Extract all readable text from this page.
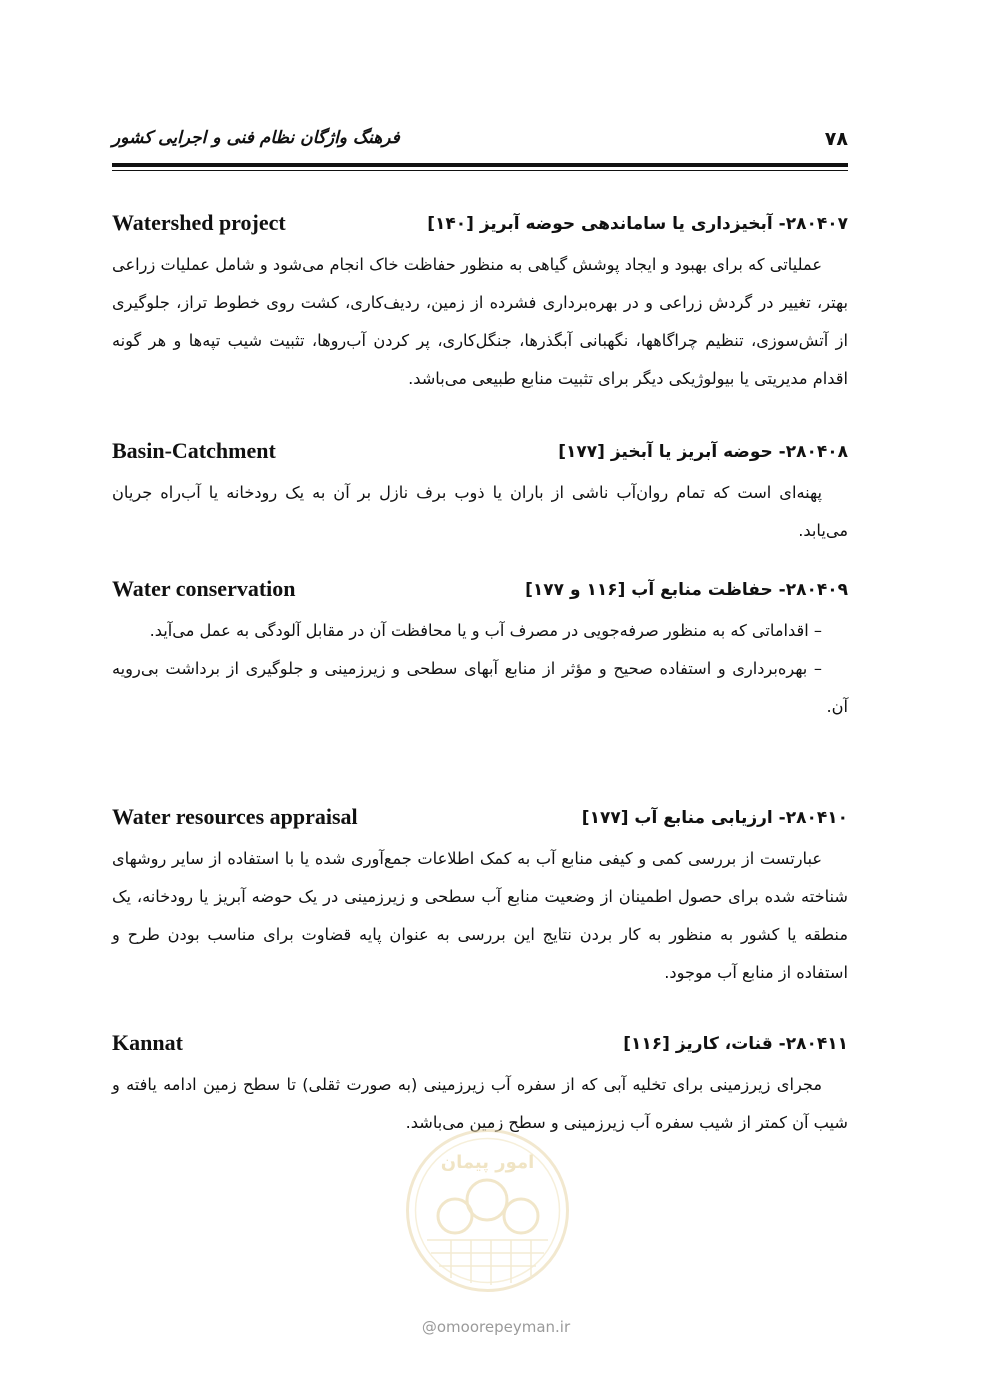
۷۸
فرهنگ واژگان نظام فنی و اجرایی کشور
۲۸۰۴۰۷- آبخیزداری یا ساماندهی حوضه آبریز [۱۴۰]
Watershed project

عملیاتی که برای بهبود و ایجاد پوشش گیاهی به منظور حفاظت خاک انجام می‌شود و شامل عملیات زراعی بهتر، تغییر در گردش زراعی و در بهره‌برداری فشرده از زمین، ردیف‌کاری، کشت روی خطوط تراز، جلوگیری از آتش‌سوزی، تنظیم چراگاهها، نگهبانی آبگذرها، جنگل‌کاری، پر کردن آب‌روها، تثبیت شیب تپه‌ها و هر گونه اقدام مدیریتی یا بیولوژیکی دیگر برای تثبیت منابع طبیعی می‌باشد.

۲۸۰۴۰۸- حوضه آبریز یا آبخیز [۱۷۷]
Basin-Catchment

پهنه‌ای است که تمام روان‌آب ناشی از باران یا ذوب برف نازل بر آن به یک رودخانه یا آب‌راه جریان می‌یابد.

۲۸۰۴۰۹- حفاظت منابع آب [۱۱۶ و ۱۷۷]
Water conservation

– اقداماتی که به منظور صرفه‌جویی در مصرف آب و یا محافظت آن در مقابل آلودگی به عمل می‌آید.

– بهره‌برداری و استفاده صحیح و مؤثر از منابع آبهای سطحی و زیرزمینی و جلوگیری از برداشت بی‌رویه آن.

۲۸۰۴۱۰- ارزیابی منابع آب [۱۷۷]
Water resources appraisal

عبارتست از بررسی کمی و کیفی منابع آب به کمک اطلاعات جمع‌آوری شده یا با استفاده از سایر روشهای شناخته شده برای حصول اطمینان از وضعیت منابع آب سطحی و زیرزمینی در یک حوضه آبریز یا رودخانه، یک منطقه یا کشور به منظور به کار بردن نتایج این بررسی به عنوان پایه قضاوت برای مناسب بودن طرح و استفاده از منابع آب موجود.

۲۸۰۴۱۱- قنات، کاریز [۱۱۶]
Kannat

مجرای زیرزمینی برای تخلیه آبی که از سفره آب زیرزمینی (به صورت ثقلی) تا سطح زمین ادامه یافته و شیب آن کمتر از شیب سفره آب زیرزمینی و سطح زمین می‌باشد.

امور پیمان
@omoorepeyman.ir
